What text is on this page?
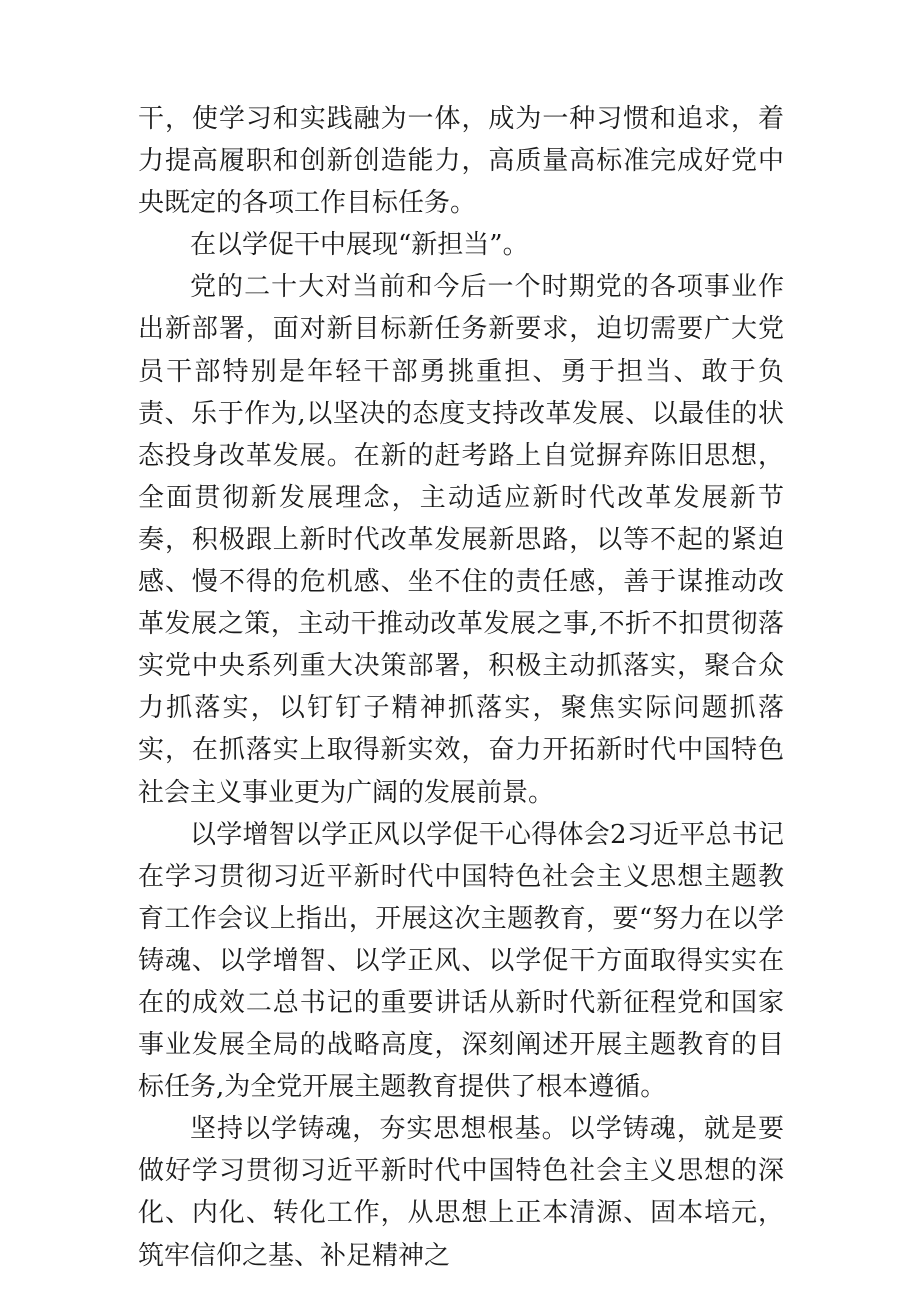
干，使学习和实践融为一体，成为一种习惯和追求，着力提高履职和创新创造能力，高质量高标准完成好党中央既定的各项工作目标任务。

在以学促干中展现“新担当”。

党的二十大对当前和今后一个时期党的各项事业作出新部署，面对新目标新任务新要求，迫切需要广大党员干部特别是年轻干部勇挑重担、勇于担当、敢于负责、乐于作为,以坚决的态度支持改革发展、以最佳的状态投身改革发展。在新的赶考路上自觉摒弃陈旧思想，全面贯彻新发展理念，主动适应新时代改革发展新节奏，积极跟上新时代改革发展新思路，以等不起的紧迫感、慢不得的危机感、坐不住的责任感，善于谋推动改革发展之策，主动干推动改革发展之事,不折不扣贯彻落实党中央系列重大决策部署，积极主动抓落实，聚合众力抓落实，以钉钉子精神抓落实，聚焦实际问题抓落实，在抓落实上取得新实效，奋力开拓新时代中国特色社会主义事业更为广阔的发展前景。

以学增智以学正风以学促干心得体会2习近平总书记在学习贯彻习近平新时代中国特色社会主义思想主题教育工作会议上指出，开展这次主题教育，要“努力在以学铸魂、以学增智、以学正风、以学促干方面取得实实在在的成效二总书记的重要讲话从新时代新征程党和国家事业发展全局的战略高度，深刻阐述开展主题教育的目标任务,为全党开展主题教育提供了根本遵循。

坚持以学铸魂，夯实思想根基。以学铸魂，就是要做好学习贯彻习近平新时代中国特色社会主义思想的深化、内化、转化工作，从思想上正本清源、固本培元，筑牢信仰之基、补足精神之
